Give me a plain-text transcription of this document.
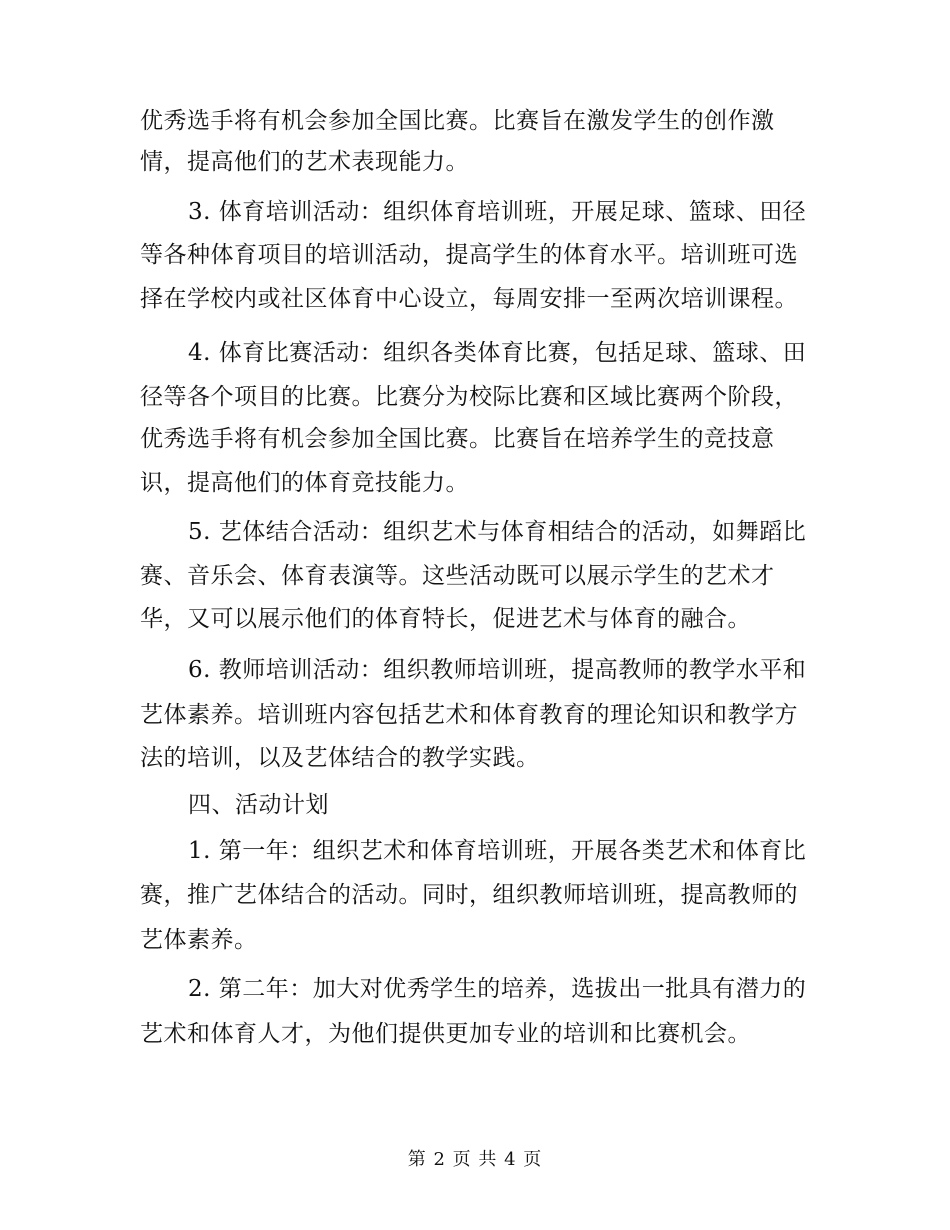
优秀选手将有机会参加全国比赛。比赛旨在激发学生的创作激
情，提高他们的艺术表现能力。
3. 体育培训活动：组织体育培训班，开展足球、篮球、田径
等各种体育项目的培训活动，提高学生的体育水平。培训班可选
择在学校内或社区体育中心设立，每周安排一至两次培训课程。
4. 体育比赛活动：组织各类体育比赛，包括足球、篮球、田
径等各个项目的比赛。比赛分为校际比赛和区域比赛两个阶段，
优秀选手将有机会参加全国比赛。比赛旨在培养学生的竞技意
识，提高他们的体育竞技能力。
5. 艺体结合活动：组织艺术与体育相结合的活动，如舞蹈比
赛、音乐会、体育表演等。这些活动既可以展示学生的艺术才
华，又可以展示他们的体育特长，促进艺术与体育的融合。
6. 教师培训活动：组织教师培训班，提高教师的教学水平和
艺体素养。培训班内容包括艺术和体育教育的理论知识和教学方
法的培训，以及艺体结合的教学实践。
四、活动计划
1. 第一年：组织艺术和体育培训班，开展各类艺术和体育比
赛，推广艺体结合的活动。同时，组织教师培训班，提高教师的
艺体素养。
2. 第二年：加大对优秀学生的培养，选拔出一批具有潜力的
艺术和体育人才，为他们提供更加专业的培训和比赛机会。
第 2 页 共 4 页
